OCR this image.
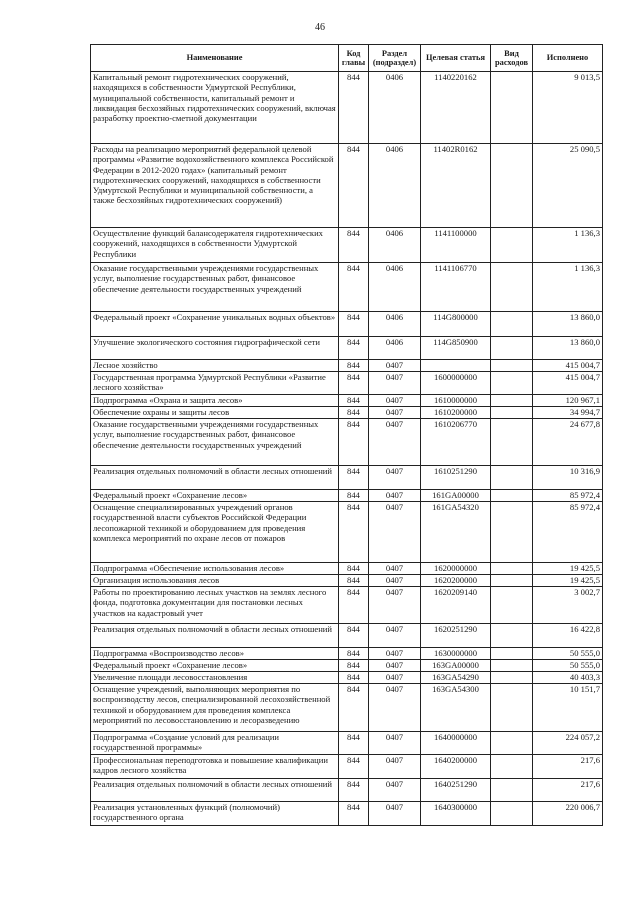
46
Наименование	Код главы	Раздел (подраздел)	Целевая статья	Вид расходов	Исполнено
Капитальный ремонт гидротехнических сооружений, находящихся в собственности Удмуртской Республики, муниципальной собственности, капитальный ремонт и ликвидация бесхозяйных гидротехнических сооружений, включая разработку проектно-сметной документации	844	0406	1140220162		9 013,5
Расходы на реализацию мероприятий федеральной целевой программы «Развитие водохозяйственного комплекса Российской Федерации в 2012-2020 годах» (капитальный ремонт гидротехнических сооружений, находящихся в собственности Удмуртской Республики и муниципальной собственности, а также бесхозяйных гидротехнических сооружений)	844	0406	11402R0162		25 090,5
Осуществление функций балансодержателя гидротехнических сооружений, находящихся в собственности Удмуртской Республики	844	0406	1141100000		1 136,3
Оказание государственными учреждениями государственных услуг, выполнение государственных работ, финансовое обеспечение деятельности государственных учреждений	844	0406	1141106770		1 136,3
Федеральный проект «Сохранение уникальных водных объектов»	844	0406	114G800000		13 860,0
Улучшение экологического состояния гидрографической сети	844	0406	114G850900		13 860,0
Лесное хозяйство	844	0407			415 004,7
Государственная программа Удмуртской Республики «Развитие лесного хозяйства»	844	0407	1600000000		415 004,7
Подпрограмма «Охрана и защита лесов»	844	0407	1610000000		120 967,1
Обеспечение охраны и защиты лесов	844	0407	1610200000		34 994,7
Оказание государственными учреждениями государственных услуг, выполнение государственных работ, финансовое обеспечение деятельности государственных учреждений	844	0407	1610206770		24 677,8
Реализация отдельных полномочий в области лесных отношений	844	0407	1610251290		10 316,9
Федеральный проект «Сохранение лесов»	844	0407	161GA00000		85 972,4
Оснащение специализированных учреждений органов государственной власти субъектов Российской Федерации лесопожарной техникой и оборудованием для проведения комплекса мероприятий по охране лесов от пожаров	844	0407	161GA54320		85 972,4
Подпрограмма «Обеспечение использования лесов»	844	0407	1620000000		19 425,5
Организация использования лесов	844	0407	1620200000		19 425,5
Работы по проектированию лесных участков на землях лесного фонда, подготовка документации для постановки лесных участков на кадастровый учет	844	0407	1620209140		3 002,7
Реализация отдельных полномочий в области лесных отношений	844	0407	1620251290		16 422,8
Подпрограмма «Воспроизводство лесов»	844	0407	1630000000		50 555,0
Федеральный проект «Сохранение лесов»	844	0407	163GA00000		50 555,0
Увеличение площади лесовосстановления	844	0407	163GA54290		40 403,3
Оснащение учреждений, выполняющих мероприятия по воспроизводству лесов, специализированной лесохозяйственной техникой и оборудованием для проведения комплекса мероприятий по лесовосстановлению и лесоразведению	844	0407	163GA54300		10 151,7
Подпрограмма «Создание условий для реализации государственной программы»	844	0407	1640000000		224 057,2
Профессиональная переподготовка и повышение квалификации кадров лесного хозяйства	844	0407	1640200000		217,6
Реализация отдельных полномочий в области лесных отношений	844	0407	1640251290		217,6
Реализация установленных функций (полномочий) государственного органа	844	0407	1640300000		220 006,7
